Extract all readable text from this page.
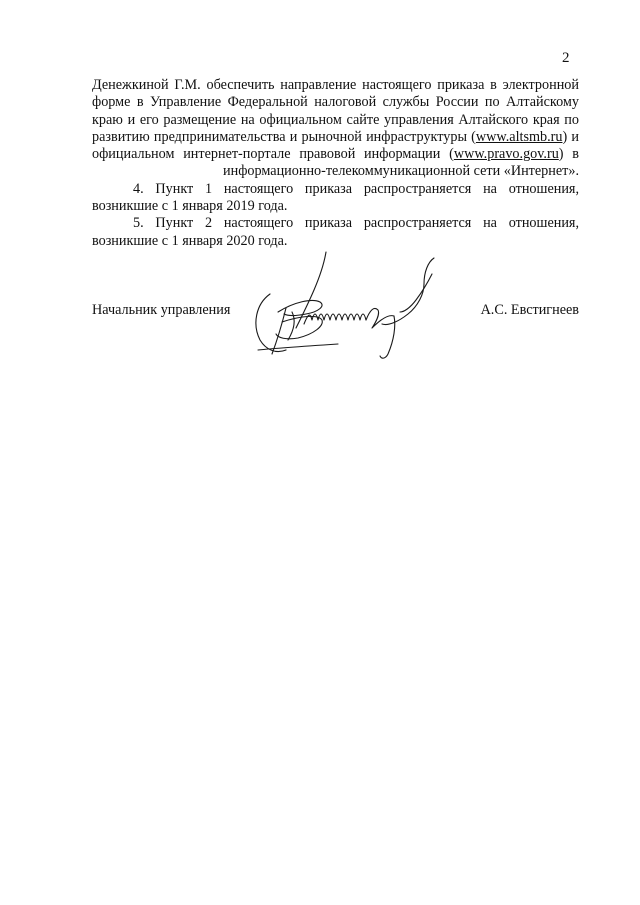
2

Денежкиной Г.М. обеспечить направление настоящего приказа в электронной форме в Управление Федеральной налоговой службы России по Алтайскому краю и его размещение на официальном сайте управления Алтайского края по развитию предпринимательства и рыночной инфраструктуры (www.altsmb.ru) и официальном интернет-портале правовой информации (www.pravo.gov.ru) в информационно-телекоммуникационной сети «Интернет».

4. Пункт 1 настоящего приказа распространяется на отношения, возникшие с 1 января 2019 года.

5. Пункт 2 настоящего приказа распространяется на отношения, возникшие с 1 января 2020 года.

Начальник управления	А.С. Евстигнеев
